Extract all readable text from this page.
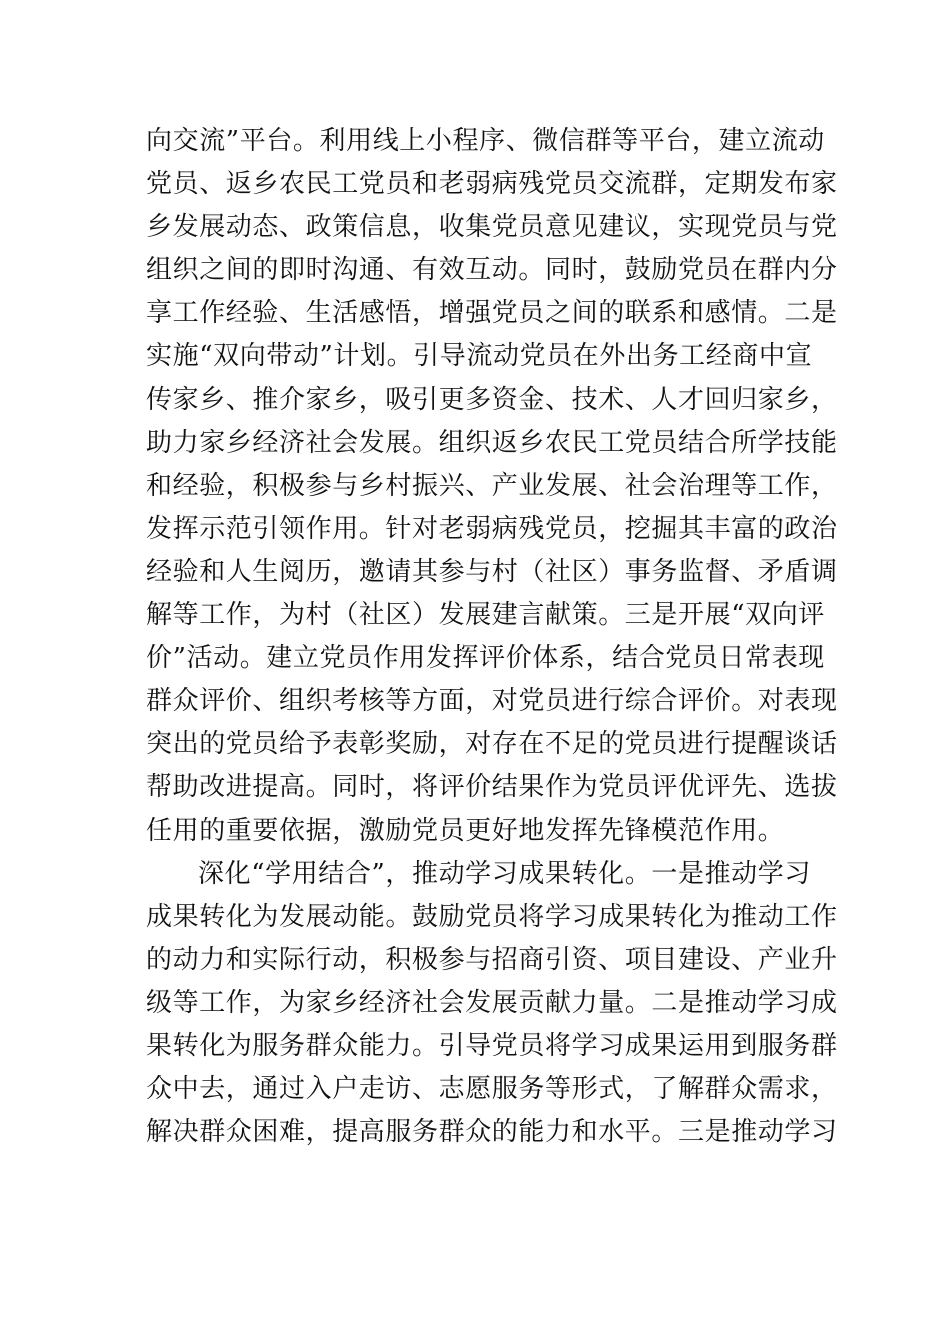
向交流”平台。利用线上小程序、微信群等平台，建立流动
党员、返乡农民工党员和老弱病残党员交流群，定期发布家
乡发展动态、政策信息，收集党员意见建议，实现党员与党
组织之间的即时沟通、有效互动。同时，鼓励党员在群内分
享工作经验、生活感悟，增强党员之间的联系和感情。二是
实施“双向带动”计划。引导流动党员在外出务工经商中宣
传家乡、推介家乡，吸引更多资金、技术、人才回归家乡，
助力家乡经济社会发展。组织返乡农民工党员结合所学技能
和经验，积极参与乡村振兴、产业发展、社会治理等工作，
发挥示范引领作用。针对老弱病残党员，挖掘其丰富的政治
经验和人生阅历，邀请其参与村（社区）事务监督、矛盾调
解等工作，为村（社区）发展建言献策。三是开展“双向评
价”活动。建立党员作用发挥评价体系，结合党员日常表现
群众评价、组织考核等方面，对党员进行综合评价。对表现
突出的党员给予表彰奖励，对存在不足的党员进行提醒谈话
帮助改进提高。同时，将评价结果作为党员评优评先、选拔
任用的重要依据，激励党员更好地发挥先锋模范作用。
深化“学用结合”，推动学习成果转化。一是推动学习
成果转化为发展动能。鼓励党员将学习成果转化为推动工作
的动力和实际行动，积极参与招商引资、项目建设、产业升
级等工作，为家乡经济社会发展贡献力量。二是推动学习成
果转化为服务群众能力。引导党员将学习成果运用到服务群
众中去，通过入户走访、志愿服务等形式，了解群众需求，
解决群众困难，提高服务群众的能力和水平。三是推动学习
